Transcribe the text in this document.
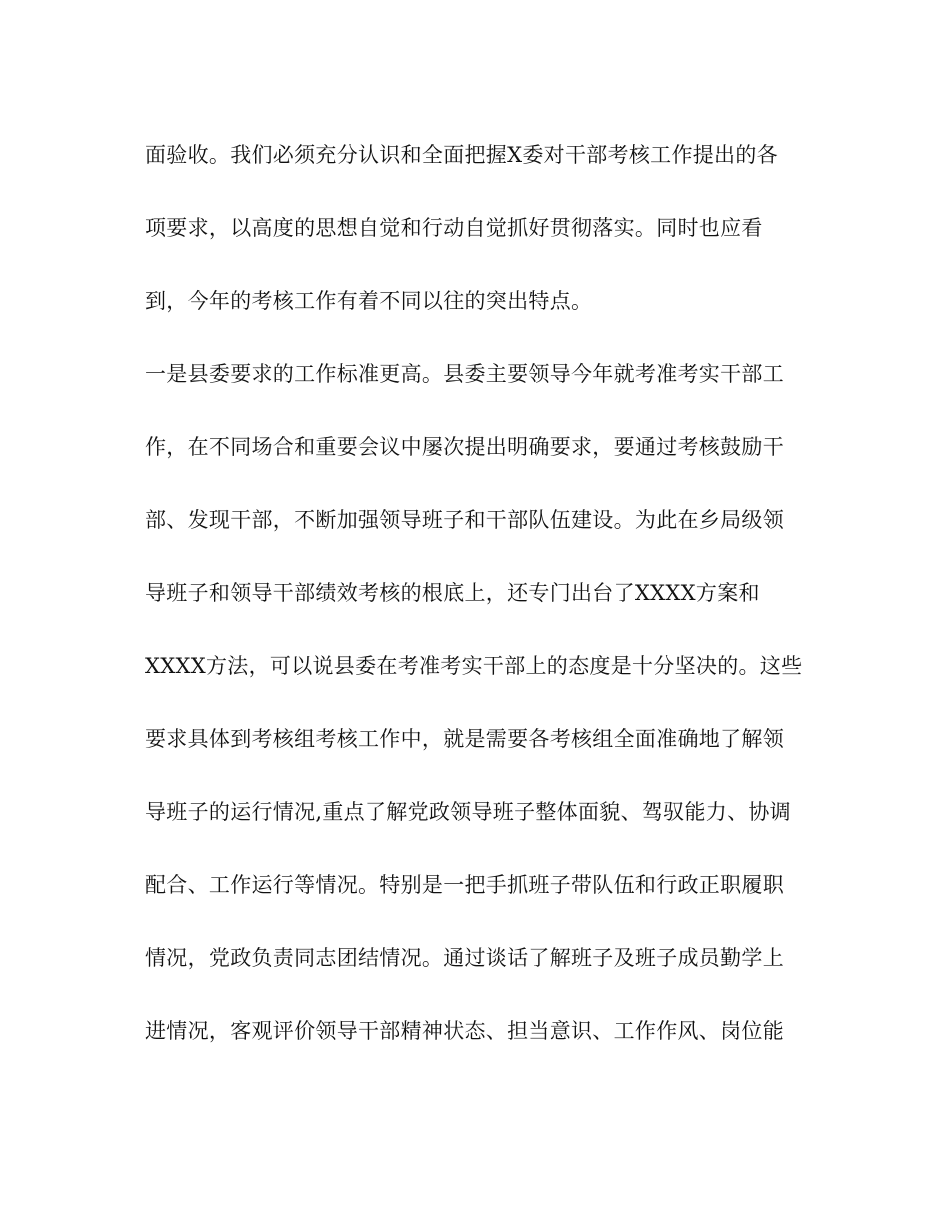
面验收。我们必须充分认识和全面把握X委对干部考核工作提出的各
项要求，以高度的思想自觉和行动自觉抓好贯彻落实。同时也应看
到，今年的考核工作有着不同以往的突出特点。
一是县委要求的工作标准更高。县委主要领导今年就考准考实干部工
作，在不同场合和重要会议中屡次提出明确要求，要通过考核鼓励干
部、发现干部，不断加强领导班子和干部队伍建设。为此在乡局级领
导班子和领导干部绩效考核的根底上，还专门出台了XXXX方案和
XXXX方法，可以说县委在考准考实干部上的态度是十分坚决的。这些
要求具体到考核组考核工作中，就是需要各考核组全面准确地了解领
导班子的运行情况,重点了解党政领导班子整体面貌、驾驭能力、协调
配合、工作运行等情况。特别是一把手抓班子带队伍和行政正职履职
情况，党政负责同志团结情况。通过谈话了解班子及班子成员勤学上
进情况，客观评价领导干部精神状态、担当意识、工作作风、岗位能
